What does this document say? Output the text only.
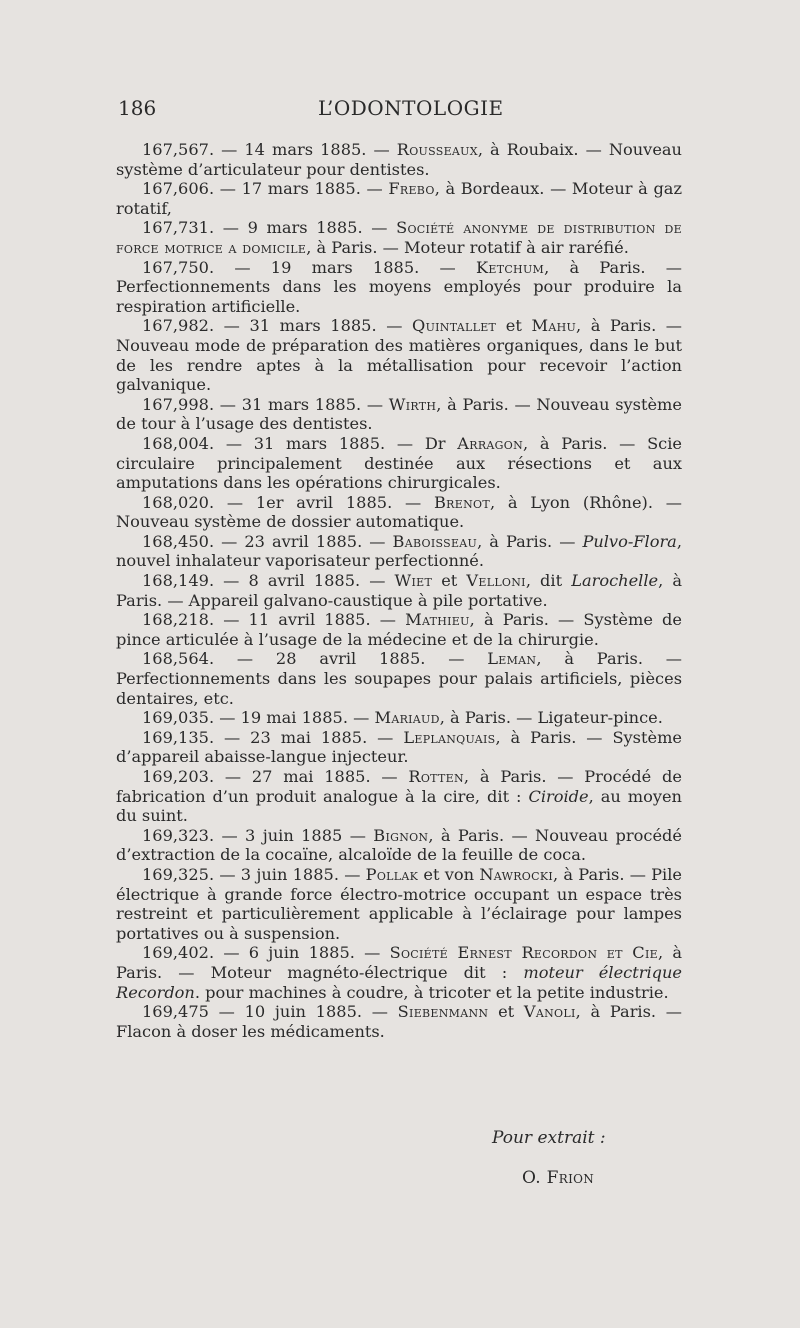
186	L’ODONTOLOGIE

167,567. — 14 mars 1885. — Rousseaux, à Roubaix. — Nouveau système d’articulateur pour dentistes.

167,606. — 17 mars 1885. — Frebo, à Bordeaux. — Moteur à gaz rotatif,

167,731. — 9 mars 1885. — Société anonyme de distribution de force motrice a domicile, à Paris. — Moteur rotatif à air raréfié.

167,750. — 19 mars 1885. — Ketchum, à Paris. — Perfectionnements dans les moyens employés pour produire la respiration artificielle.

167,982. — 31 mars 1885. — Quintallet et Mahu, à Paris. — Nouveau mode de préparation des matières organiques, dans le but de les rendre aptes à la métallisation pour recevoir l’action galvanique.

167,998. — 31 mars 1885. — Wirth, à Paris. — Nouveau système de tour à l’usage des dentistes.

168,004. — 31 mars 1885. — Dr Arragon, à Paris. — Scie circulaire principalement destinée aux résections et aux amputations dans les opérations chirurgicales.

168,020. — 1er avril 1885. — Brenot, à Lyon (Rhône). — Nouveau système de dossier automatique.

168,450. — 23 avril 1885. — Baboisseau, à Paris. — Pulvo-Flora, nouvel inhalateur vaporisateur perfectionné.

168,149. — 8 avril 1885. — Wiet et Velloni, dit Larochelle, à Paris. — Appareil galvano-caustique à pile portative.

168,218. — 11 avril 1885. — Mathieu, à Paris. — Système de pince articulée à l’usage de la médecine et de la chirurgie.

168,564. — 28 avril 1885. — Leman, à Paris. — Perfectionnements dans les soupapes pour palais artificiels, pièces dentaires, etc.

169,035. — 19 mai 1885. — Mariaud, à Paris. — Ligateur-pince.

169,135. — 23 mai 1885. — Leplanquais, à Paris. — Système d’appareil abaisse-langue injecteur.

169,203. — 27 mai 1885. — Rotten, à Paris. — Procédé de fabrication d’un produit analogue à la cire, dit : Ciroide, au moyen du suint.

169,323. — 3 juin 1885 — Bignon, à Paris. — Nouveau procédé d’extraction de la cocaïne, alcaloïde de la feuille de coca.

169,325. — 3 juin 1885. — Pollak et von Nawrocki, à Paris. — Pile électrique à grande force électro-motrice occupant un espace très restreint et particulièrement applicable à l’éclairage pour lampes portatives ou à suspension.

169,402. — 6 juin 1885. — Société Ernest Recordon et Cie, à Paris. — Moteur magnéto-électrique dit : moteur électrique Recordon. pour machines à coudre, à tricoter et la petite industrie.

169,475 — 10 juin 1885. — Siebenmann et Vanoli, à Paris. — Flacon à doser les médicaments.

Pour extrait :
O. Frion
